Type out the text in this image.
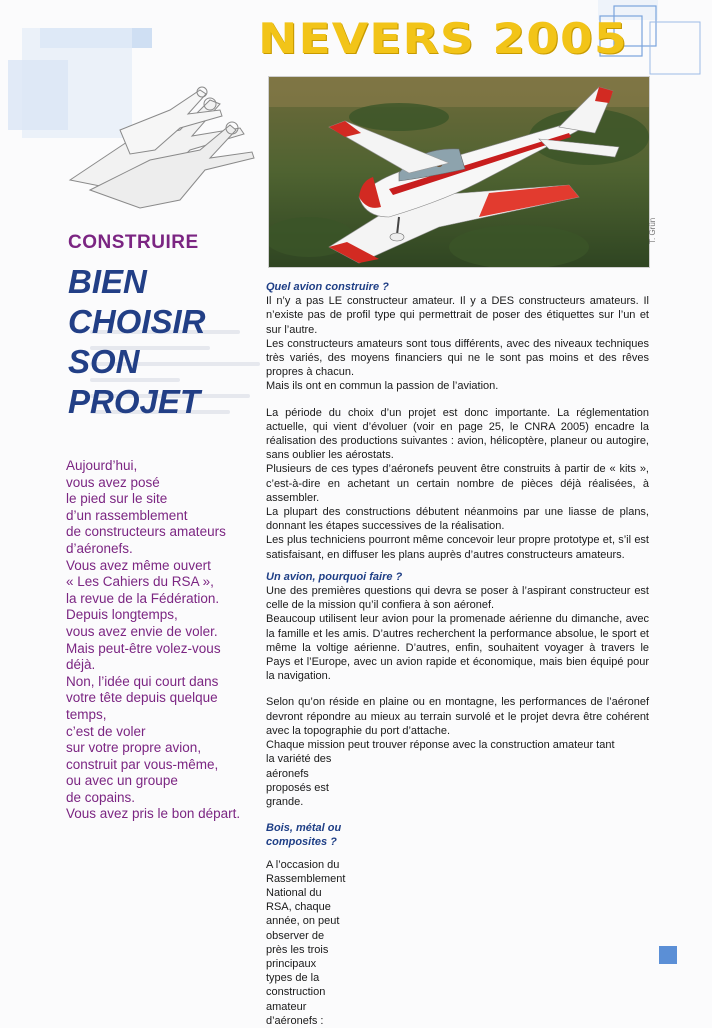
NEVERS 2005
T. Grün
CONSTRUIRE
BIEN
CHOISIR
SON
PROJET
Aujourd’hui,
vous avez posé
le pied sur le site
d’un rassemblement
de constructeurs amateurs
d’aéronefs.
Vous avez même ouvert
« Les Cahiers du RSA »,
la revue de la Fédération.
Depuis longtemps,
vous avez envie de voler.
Mais peut-être volez-vous
déjà.
Non, l’idée qui court dans
votre tête depuis quelque
temps,
c’est de voler
sur votre propre avion,
construit par vous-même,
ou avec un groupe
de copains.
Vous avez pris le bon départ.
Quel avion construire ?

Il n’y a pas LE constructeur amateur. Il y a DES constructeurs amateurs. Il n’existe pas de profil type qui permettrait de poser des étiquettes sur l’un et sur l’autre.

Les constructeurs amateurs sont tous différents, avec des niveaux techniques très variés, des moyens financiers qui ne le sont pas moins et des rêves propres à chacun.

Mais ils ont en commun la passion de l’aviation.

La période du choix d’un projet est donc importante. La réglementation actuelle, qui vient d’évoluer (voir en page 25, le CNRA 2005) encadre la réalisation des productions suivantes : avion, hélicoptère, planeur ou autogire, sans oublier les aérostats.

Plusieurs de ces types d’aéronefs peuvent être construits à partir de « kits », c’est-à-dire en achetant un certain nombre de pièces déjà réalisées, à assembler.

La plupart des constructions débutent néanmoins par une liasse de plans, donnant les étapes successives de la réalisation.

Les plus techniciens pourront même concevoir leur propre prototype et, s’il est satisfaisant, en diffuser les plans auprès d’autres constructeurs amateurs.

Un avion, pourquoi faire ?

Une des premières questions qui devra se poser à l’aspirant constructeur est celle de la mission qu’il confiera à son aéronef.

Beaucoup utilisent leur avion pour la promenade aérienne du dimanche, avec la famille et les amis. D’autres recherchent la performance absolue, le sport et même la voltige aérienne. D’autres, enfin, souhaitent voyager à travers le Pays et l’Europe, avec un avion rapide et économique, mais bien équipé pour la navigation.

Selon qu’on réside en plaine ou en montagne, les performances de l’aéronef devront répondre au mieux au terrain survolé et le projet devra être cohérent avec la topographie du port d’attache.

Chaque mission peut trouver réponse avec la construction amateur tant

la variété des aéronefs proposés est grande.

Bois, métal ou composites ?

A l’occasion du Rassemblement National du RSA, chaque année, on peut observer de près les trois principaux types de la construction amateur d’aéronefs :
